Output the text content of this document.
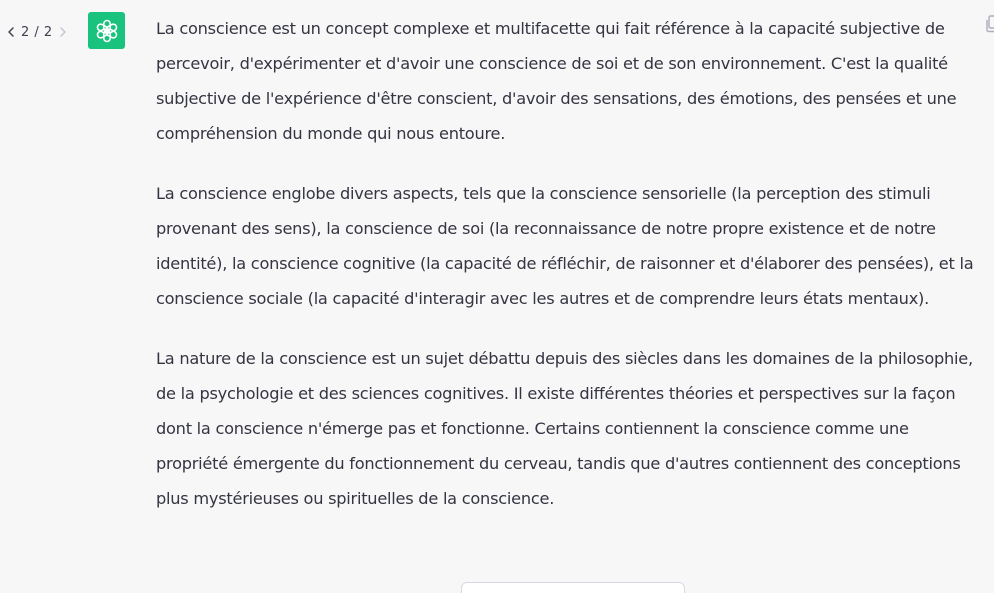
2 / 2	La conscience est un concept complexe et multifacette qui fait référence à la capacité subjective de percevoir, d'expérimenter et d'avoir une conscience de soi et de son environnement. C'est la qualité subjective de l'expérience d'être conscient, d'avoir des sensations, des émotions, des pensées et une compréhension du monde qui nous entoure.

La conscience englobe divers aspects, tels que la conscience sensorielle (la perception des stimuli provenant des sens), la conscience de soi (la reconnaissance de notre propre existence et de notre identité), la conscience cognitive (la capacité de réfléchir, de raisonner et d'élaborer des pensées), et la conscience sociale (la capacité d'interagir avec les autres et de comprendre leurs états mentaux).

La nature de la conscience est un sujet débattu depuis des siècles dans les domaines de la philosophie, de la psychologie et des sciences cognitives. Il existe différentes théories et perspectives sur la façon dont la conscience n'émerge pas et fonctionne. Certains contiennent la conscience comme une propriété émergente du fonctionnement du cerveau, tandis que d'autres contiennent des conceptions plus mystérieuses ou spirituelles de la conscience.
